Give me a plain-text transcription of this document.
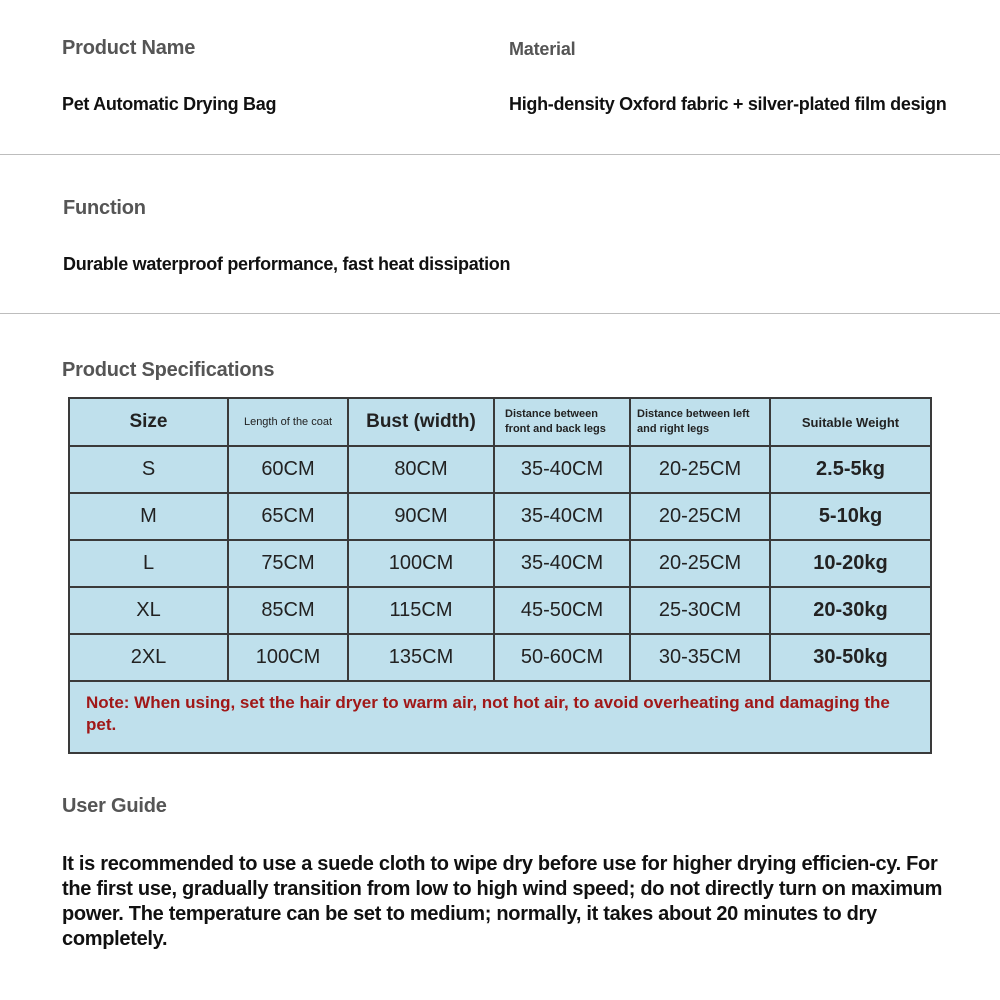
Product Name
Pet Automatic Drying Bag
Material
High-density Oxford fabric + silver-plated film design
Function
Durable waterproof performance, fast heat dissipation
Product Specifications
Size	Length of the coat	Bust (width)	Distance between front and back legs	Distance between left and right legs	Suitable Weight
S	60CM	80CM	35-40CM	20-25CM	2.5-5kg
M	65CM	90CM	35-40CM	20-25CM	5-10kg
L	75CM	100CM	35-40CM	20-25CM	10-20kg
XL	85CM	115CM	45-50CM	25-30CM	20-30kg
2XL	100CM	135CM	50-60CM	30-35CM	30-50kg

Note: When using, set the hair dryer to warm air, not hot air, to avoid overheating and damaging the pet.					
User Guide
It is recommended to use a suede cloth to wipe dry before use for higher drying efficien-cy. For the first use, gradually transition from low to high wind speed; do not directly turn on maximum power. The temperature can be set to medium; normally, it takes about 20 minutes to dry completely.
